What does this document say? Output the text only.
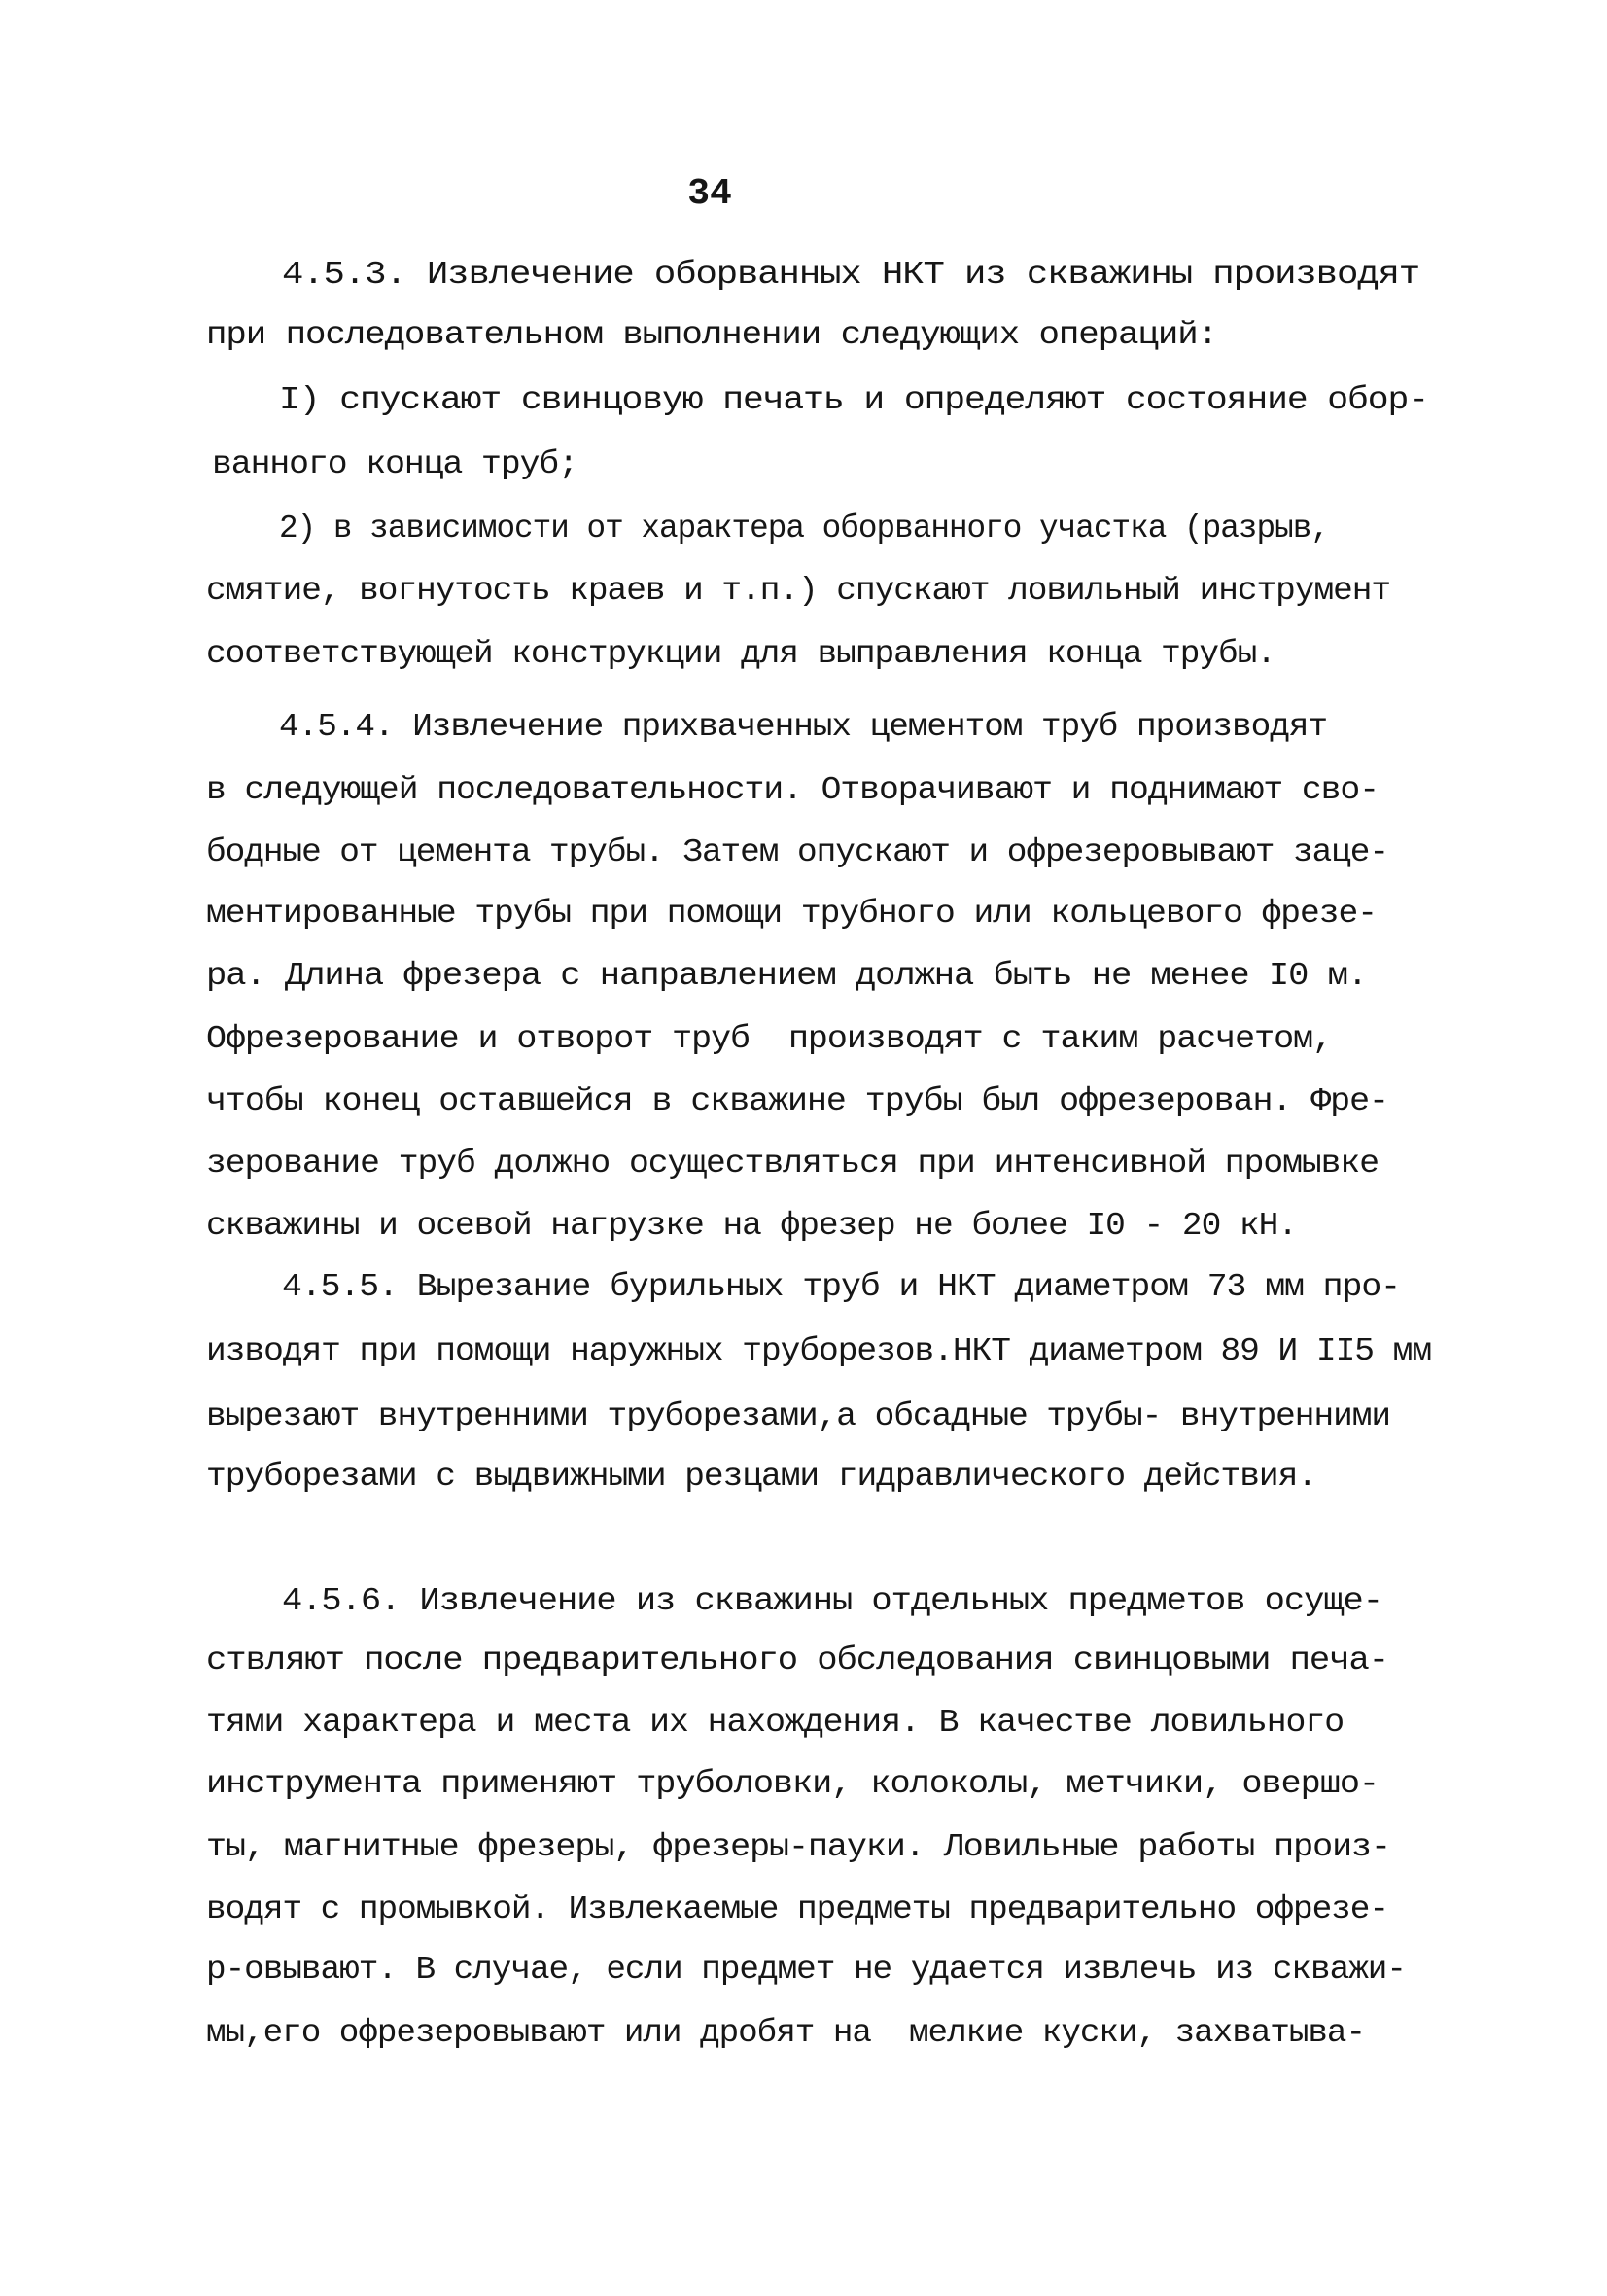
34
4.5.3. Извлечение оборванных НКТ из скважины производят
при последовательном выполнении следующих операций:
I) спускают свинцовую печать и определяют состояние обор-
ванного конца труб;
2) в зависимости от характера оборванного участка (разрыв,
смятие, вогнутость краев и т.п.) спускают ловильный инструмент
соответствующей конструкции для выправления конца трубы.
4.5.4. Извлечение прихваченных цементом труб производят
в следующей последовательности. Отворачивают и поднимают сво-
бодные от цемента трубы. Затем опускают и офрезеровывают заце-
ментированные трубы при помощи трубного или кольцевого фрезе-
ра. Длина фрезера с направлением должна быть не менее I0 м.
Офрезерование и отворот труб  производят с таким расчетом,
чтобы конец оставшейся в скважине трубы был офрезерован. Фре-
зерование труб должно осуществляться при интенсивной промывке
скважины и осевой нагрузке на фрезер не более I0 - 20 кН.
4.5.5. Вырезание бурильных труб и НКТ диаметром 73 мм про-
изводят при помощи наружных труборезов.НКТ диаметром 89 И II5 мм
вырезают внутренними труборезами,а обсадные трубы- внутренними
труборезами с выдвижными резцами гидравлического действия.
4.5.6. Извлечение из скважины отдельных предметов осуще-
ствляют после предварительного обследования свинцовыми печа-
тями характера и места их нахождения. В качестве ловильного
инструмента применяют труболовки, колоколы, метчики, овершо-
ты, магнитные фрезеры, фрезеры-пауки. Ловильные работы произ-
водят с промывкой. Извлекаемые предметы предварительно офрезе-
р-овывают. В случае, если предмет не удается извлечь из скважи-
мы,его офрезеровывают или дробят на  мелкие куски, захватыва-
